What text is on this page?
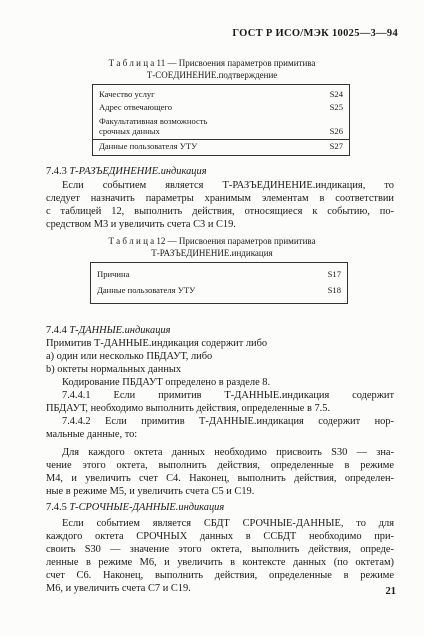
ГОСТ Р ИСО/МЭК 10025—3—94
Т а б л и ц а 11 — Присвоения параметров примитива
Т-СОЕДИНЕНИЕ.подтверждение
Качество услуг	S24
Адрес отвечающего	S25
Факультативная возможность
срочных данных	S26
Данные пользователя УТУ	S27
7.4.3 Т-РАЗЪЕДИНЕНИЕ.индикация
Если событием является Т-РАЗЪЕДИНЕНИЕ.индикация, то
следует назначить параметры хранимым элементам в соответствии
с таблицей 12, выполнить действия, относящиеся к событию, по-
средством М3 и увеличить счета С3 и С19.
Т а б л и ц а 12 — Присвоения параметров примитива
Т-РАЗЪЕДИНЕНИЕ.индикация
Причина	S17
Данные пользователя УТУ	S18
7.4.4 Т-ДАННЫЕ.индикация
Примитив Т-ДАННЫЕ.индикация содержит либо
а) один или несколько ПБДАУТ, либо
b) октеты нормальных данных
Кодирование ПБДАУТ определено в разделе 8.
7.4.4.1 Если примитив Т-ДАННЫЕ.индикация содержит
ПБДАУТ, необходимо выполнить действия, определенные в 7.5.
7.4.4.2 Если примитив Т-ДАННЫЕ.индикация содержит нор-
мальные данные, то:
Для каждого октета данных необходимо присвоить S30 — зна-
чение этого октета, выполнить действия, определенные в режиме
М4, и увеличить счет С4. Наконец, выполнить действия, определен-
ные в режиме М5, и увеличить счета С5 и С19.
7.4.5 Т-СРОЧНЫЕ-ДАННЫЕ.индикация
Если событием является СБДТ СРОЧНЫЕ-ДАННЫЕ, то для
каждого октета СРОЧНЫХ данных в ССБДТ необходимо при-
своить S30 — значение этого октета, выполнить действия, опреде-
ленные в режиме М6, и увеличить в контексте данных (по октетам)
счет С6. Наконец, выполнить действия, определенные в режиме
М6, и увеличить счета С7 и С19.	21
